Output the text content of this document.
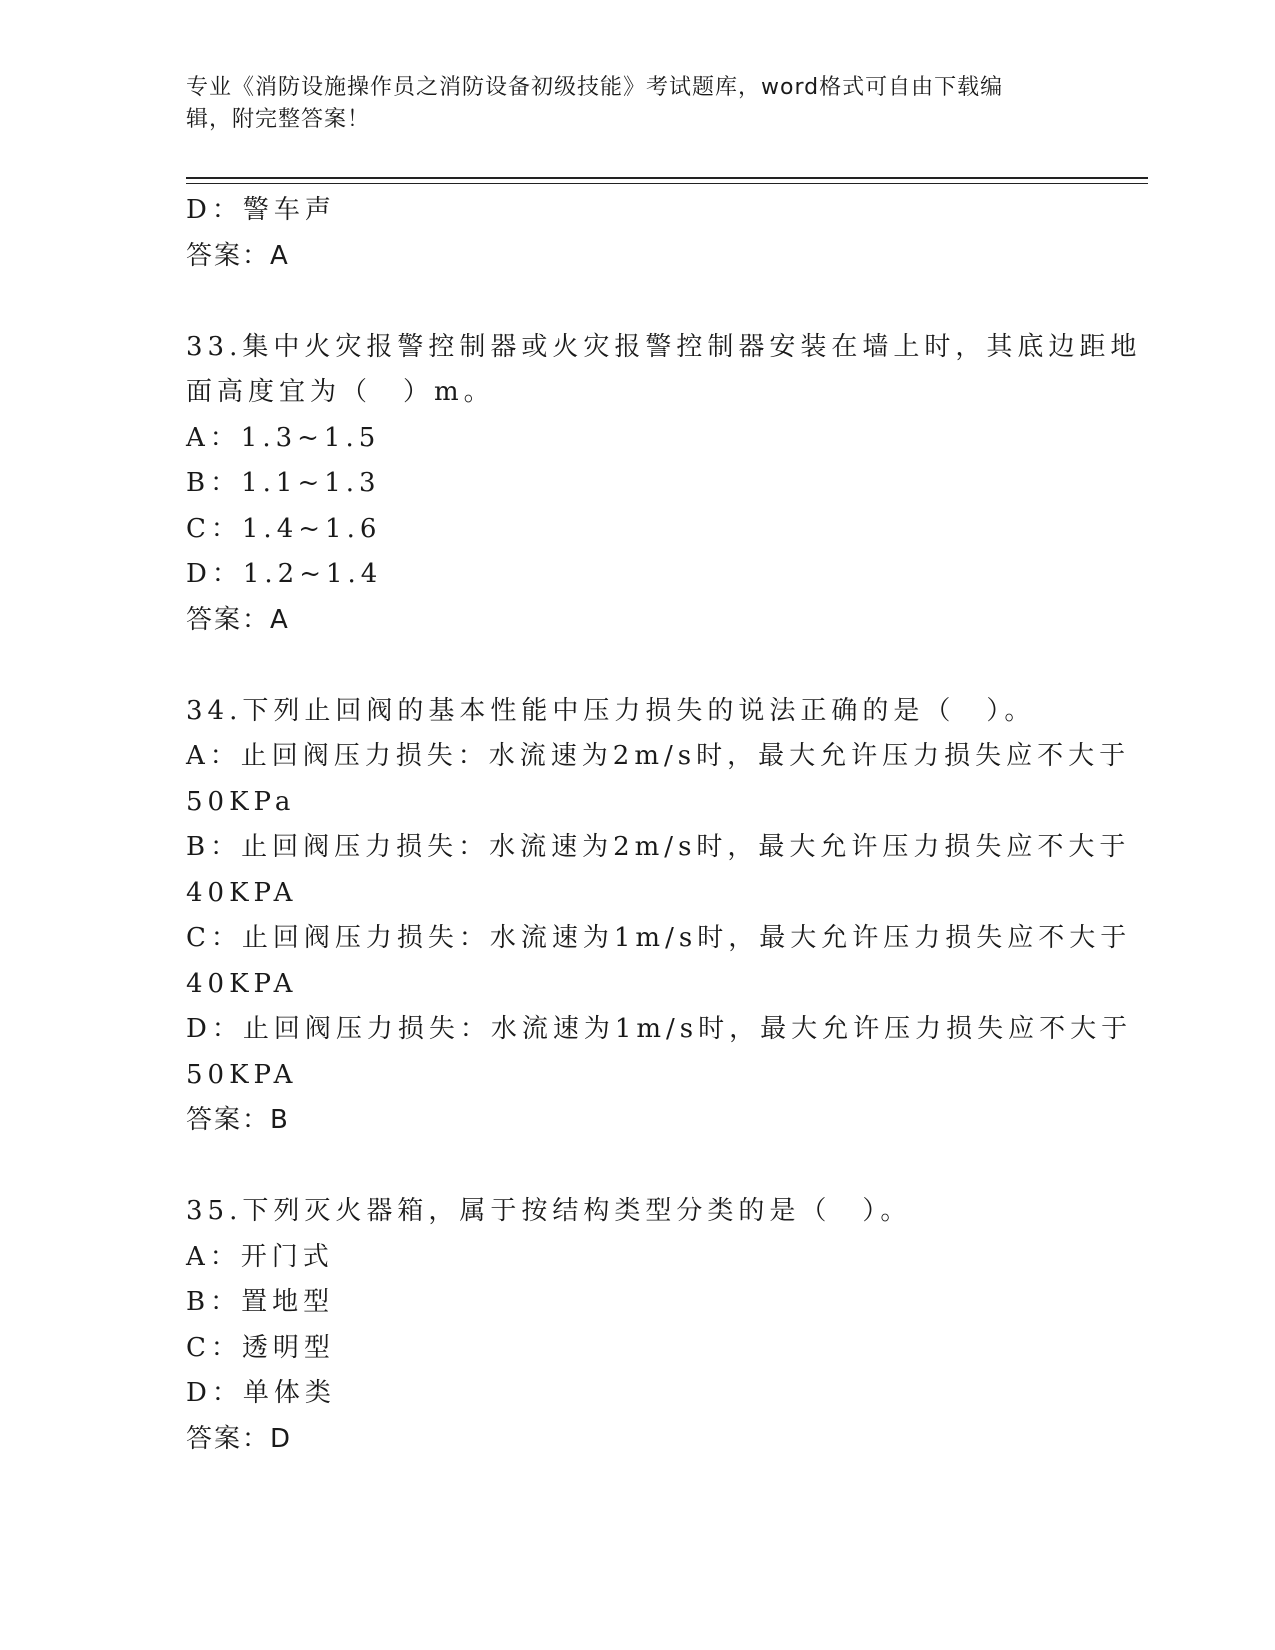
专业《消防设施操作员之消防设备初级技能》考试题库，word格式可自由下载编
辑，附完整答案！
D：警车声
答案：A
33.集中火灾报警控制器或火灾报警控制器安装在墙上时，其底边距地
面高度宜为（　）m。
A：1.3~1.5
B：1.1~1.3
C：1.4~1.6
D：1.2~1.4
答案：A
34.下列止回阀的基本性能中压力损失的说法正确的是（　）。
A：止回阀压力损失：水流速为2m/s时，最大允许压力损失应不大于
50KPa
B：止回阀压力损失：水流速为2m/s时，最大允许压力损失应不大于
40KPA
C：止回阀压力损失：水流速为1m/s时，最大允许压力损失应不大于
40KPA
D：止回阀压力损失：水流速为1m/s时，最大允许压力损失应不大于
50KPA
答案：B
35.下列灭火器箱，属于按结构类型分类的是（　）。
A：开门式
B：置地型
C：透明型
D：单体类
答案：D
